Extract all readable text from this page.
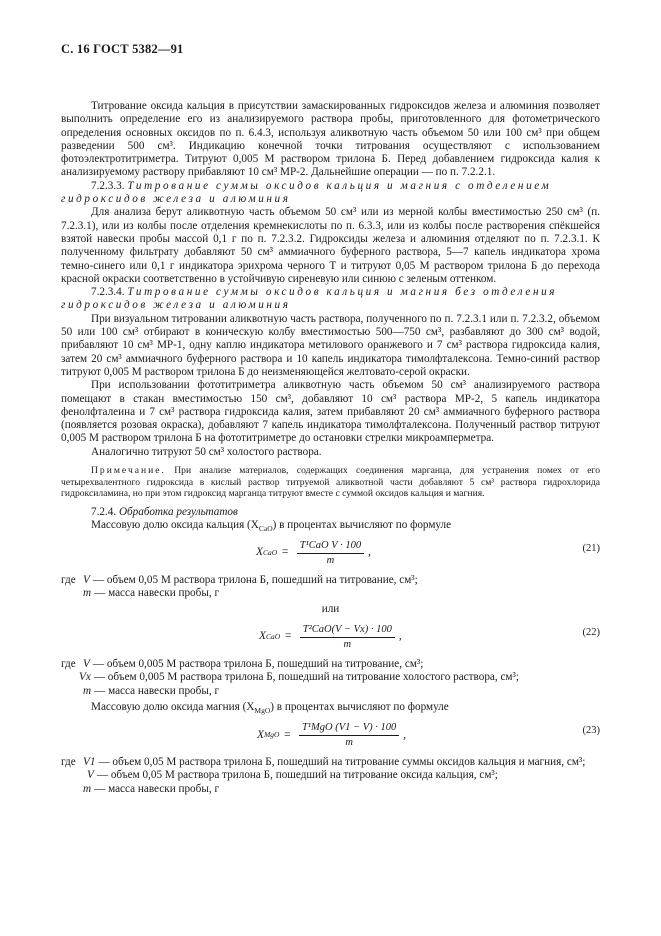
С. 16 ГОСТ 5382—91

Титрование оксида кальция в присутствии замаскированных гидроксидов железа и алюминия позволяет выполнить определение его из анализируемого раствора пробы, приготовленного для фотометрического определения основных оксидов по п. 6.4.3, используя аликвотную часть объемом 50 или 100 см³ при общем разведении 500 см³. Индикацию конечной точки титрования осуществляют с использованием фотоэлектротитриметра. Титруют 0,005 М раствором трилона Б. Перед добавлением гидроксида калия к анализируемому раствору прибавляют 10 см³ МР-2. Дальнейшие операции — по п. 7.2.2.1.

7.2.3.3. Титрование суммы оксидов кальция и магния с отделением
гидроксидов железа и алюминия

Для анализа берут аликвотную часть объемом 50 см³ или из мерной колбы вместимостью 250 см³ (п. 7.2.3.1), или из колбы после отделения кремнекислоты по п. 6.3.3, или из колбы после растворения спёкшейся взятой навески пробы массой 0,1 г по п. 7.2.3.2. Гидроксиды железа и алюминия отделяют по п. 7.2.3.1. К полученному фильтрату добавляют 50 см³ аммиачного буферного раствора, 5—7 капель индикатора хрома темно-синего или 0,1 г индикатора эрихрома черного Т и титруют 0,05 М раствором трилона Б до перехода красной окраски соответственно в устойчивую сиреневую или синюю с зеленым оттенком.

7.2.3.4. Титрование суммы оксидов кальция и магния без отделения
гидроксидов железа и алюминия

При визуальном титровании аликвотную часть раствора, полученного по п. 7.2.3.1 или п. 7.2.3.2, объемом 50 или 100 см³ отбирают в коническую колбу вместимостью 500—750 см³, разбавляют до 300 см³ водой, прибавляют 10 см³ МР-1, одну каплю индикатора метилового оранжевого и 7 см³ раствора гидроксида калия, затем 20 см³ аммиачного буферного раствора и 10 капель индикатора тимолфталексона. Темно-синий раствор титруют 0,005 М раствором трилона Б до неизменяющейся желтовато-серой окраски.

При использовании фототитриметра аликвотную часть объемом 50 см³ анализируемого раствора помещают в стакан вместимостью 150 см³, добавляют 10 см³ раствора МР-2, 5 капель индикатора фенолфталеина и 7 см³ раствора гидроксида калия, затем прибавляют 20 см³ аммиачного буферного раствора (появляется розовая окраска), добавляют 7 капель индикатора тимолфталексона. Полученный раствор титруют 0,005 М раствором трилона Б на фототитриметре до остановки стрелки микроамперметра.

Аналогично титруют 50 см³ холостого раствора.

Примечание. При анализе материалов, содержащих соединения марганца, для устранения помех от его четырехвалентного гидроксида в кислый раствор титруемой аликвотной части добавляют 5 см³ раствора гидрохлорида гидроксиламина, но при этом гидроксид марганца титруют вместе с суммой оксидов кальция и магния.

7.2.4. Обработка результатов

Массовую долю оксида кальция $(X_{CaO})$ в процентах вычисляют по формуле

X CaO = $\frac{\text{T¹CaO V · 100}}{m}$ ,	(21)
где V — объем 0,05 М раствора трилона Б, пошедший на титрование, см³;
m — масса навески пробы, г

или

X CaO = $\frac{\text{T²CaO(V − Vx) · 100}}{m}$ ,	(22)
где V — объем 0,005 М раствора трилона Б, пошедший на титрование, см³;
Vx — объем 0,005 М раствора трилона Б, пошедший на титрование холостого раствора, см³;
m — масса навески пробы, г

Массовую долю оксида магния $(X_{MgO})$ в процентах вычисляют по формуле

X MgO = $\frac{\text{T¹MgO (V1 − V) · 100}}{m}$ ,	(23)
где V1 — объем 0,05 М раствора трилона Б, пошедший на титрование суммы оксидов кальция и магния, см³;
V — объем 0,05 М раствора трилона Б, пошедший на титрование оксида кальция, см³;
m — масса навески пробы, г
